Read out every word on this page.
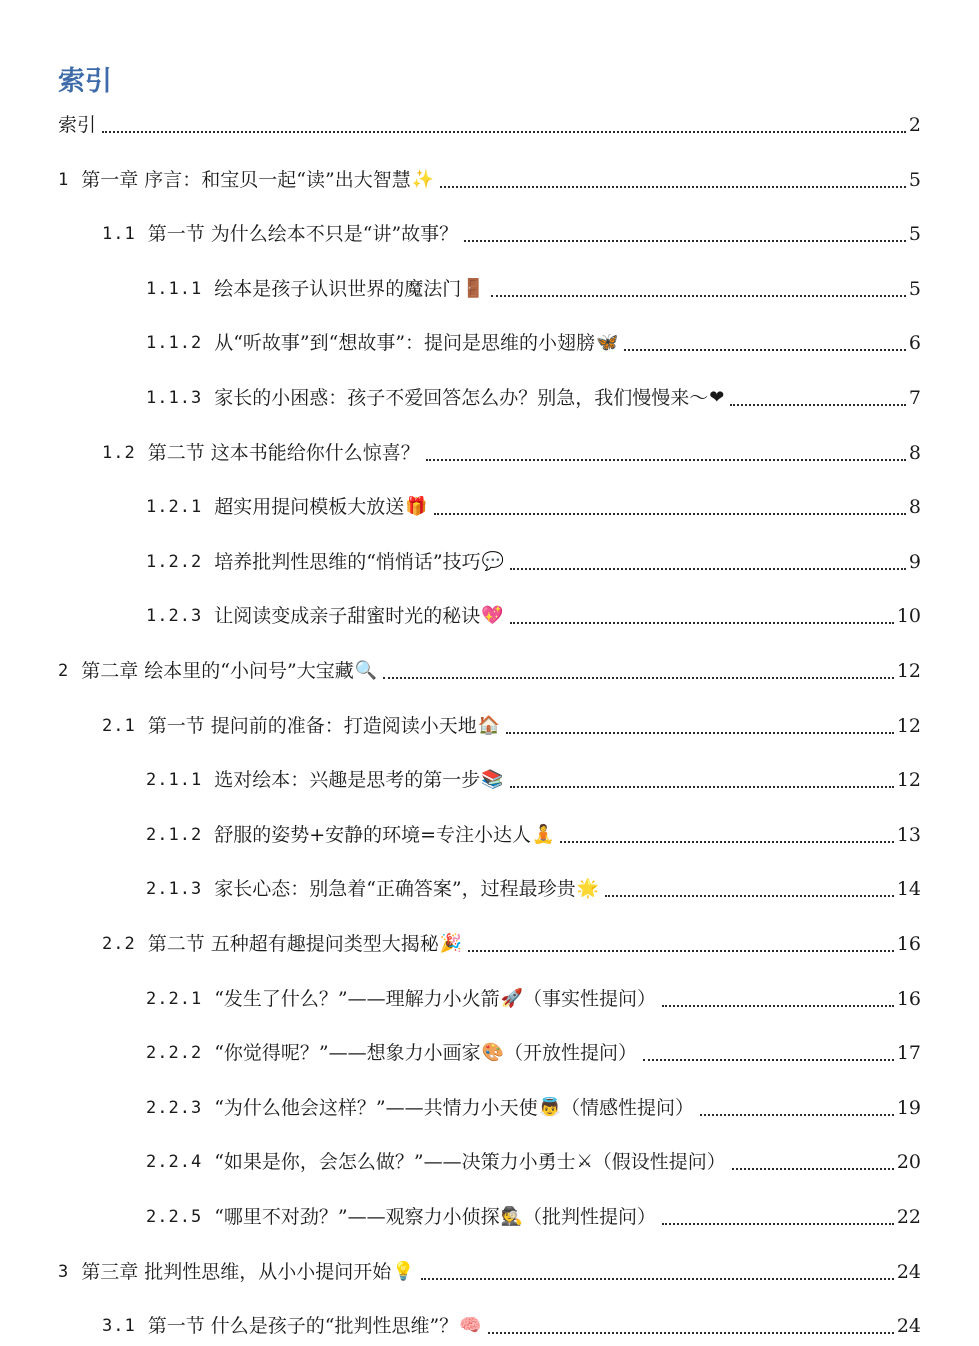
索引
索引	2
1 第一章 序言：和宝贝一起“读”出大智慧 ✨	5
1.1 第一节 为什么绘本不只是“讲”故事？	5
1.1.1 绘本是孩子认识世界的魔法门 🚪	5
1.1.2 从“听故事”到“想故事”：提问是思维的小翅膀 🦋	6
1.1.3 家长的小困惑：孩子不爱回答怎么办？别急，我们慢慢来～ ❤	7
1.2 第二节 这本书能给你什么惊喜？	8
1.2.1 超实用提问模板大放送 🎁	8
1.2.2 培养批判性思维的“悄悄话”技巧 💬	9
1.2.3 让阅读变成亲子甜蜜时光的秘诀 💖	10
2 第二章 绘本里的“小问号”大宝藏 🔍	12
2.1 第一节 提问前的准备：打造阅读小天地 🏠	12
2.1.1 选对绘本：兴趣是思考的第一步 📚	12
2.1.2 舒服的姿势+安静的环境=专注小达人 🧘	13
2.1.3 家长心态：别急着“正确答案”，过程最珍贵 🌟	14
2.2 第二节 五种超有趣提问类型大揭秘 🎉	16
2.2.1 “发生了什么？”——理解力小火箭 🚀 （事实性提问）	16
2.2.2 “你觉得呢？”——想象力小画家 🎨 （开放性提问）	17
2.2.3 “为什么他会这样？”——共情力小天使 👼 （情感性提问）	19
2.2.4 “如果是你，会怎么做？”——决策力小勇士 ⚔ （假设性提问）	20
2.2.5 “哪里不对劲？”——观察力小侦探 🕵 （批判性提问）	22
3 第三章 批判性思维，从小小提问开始 💡	24
3.1 第一节 什么是孩子的“批判性思维”？ 🧠	24
